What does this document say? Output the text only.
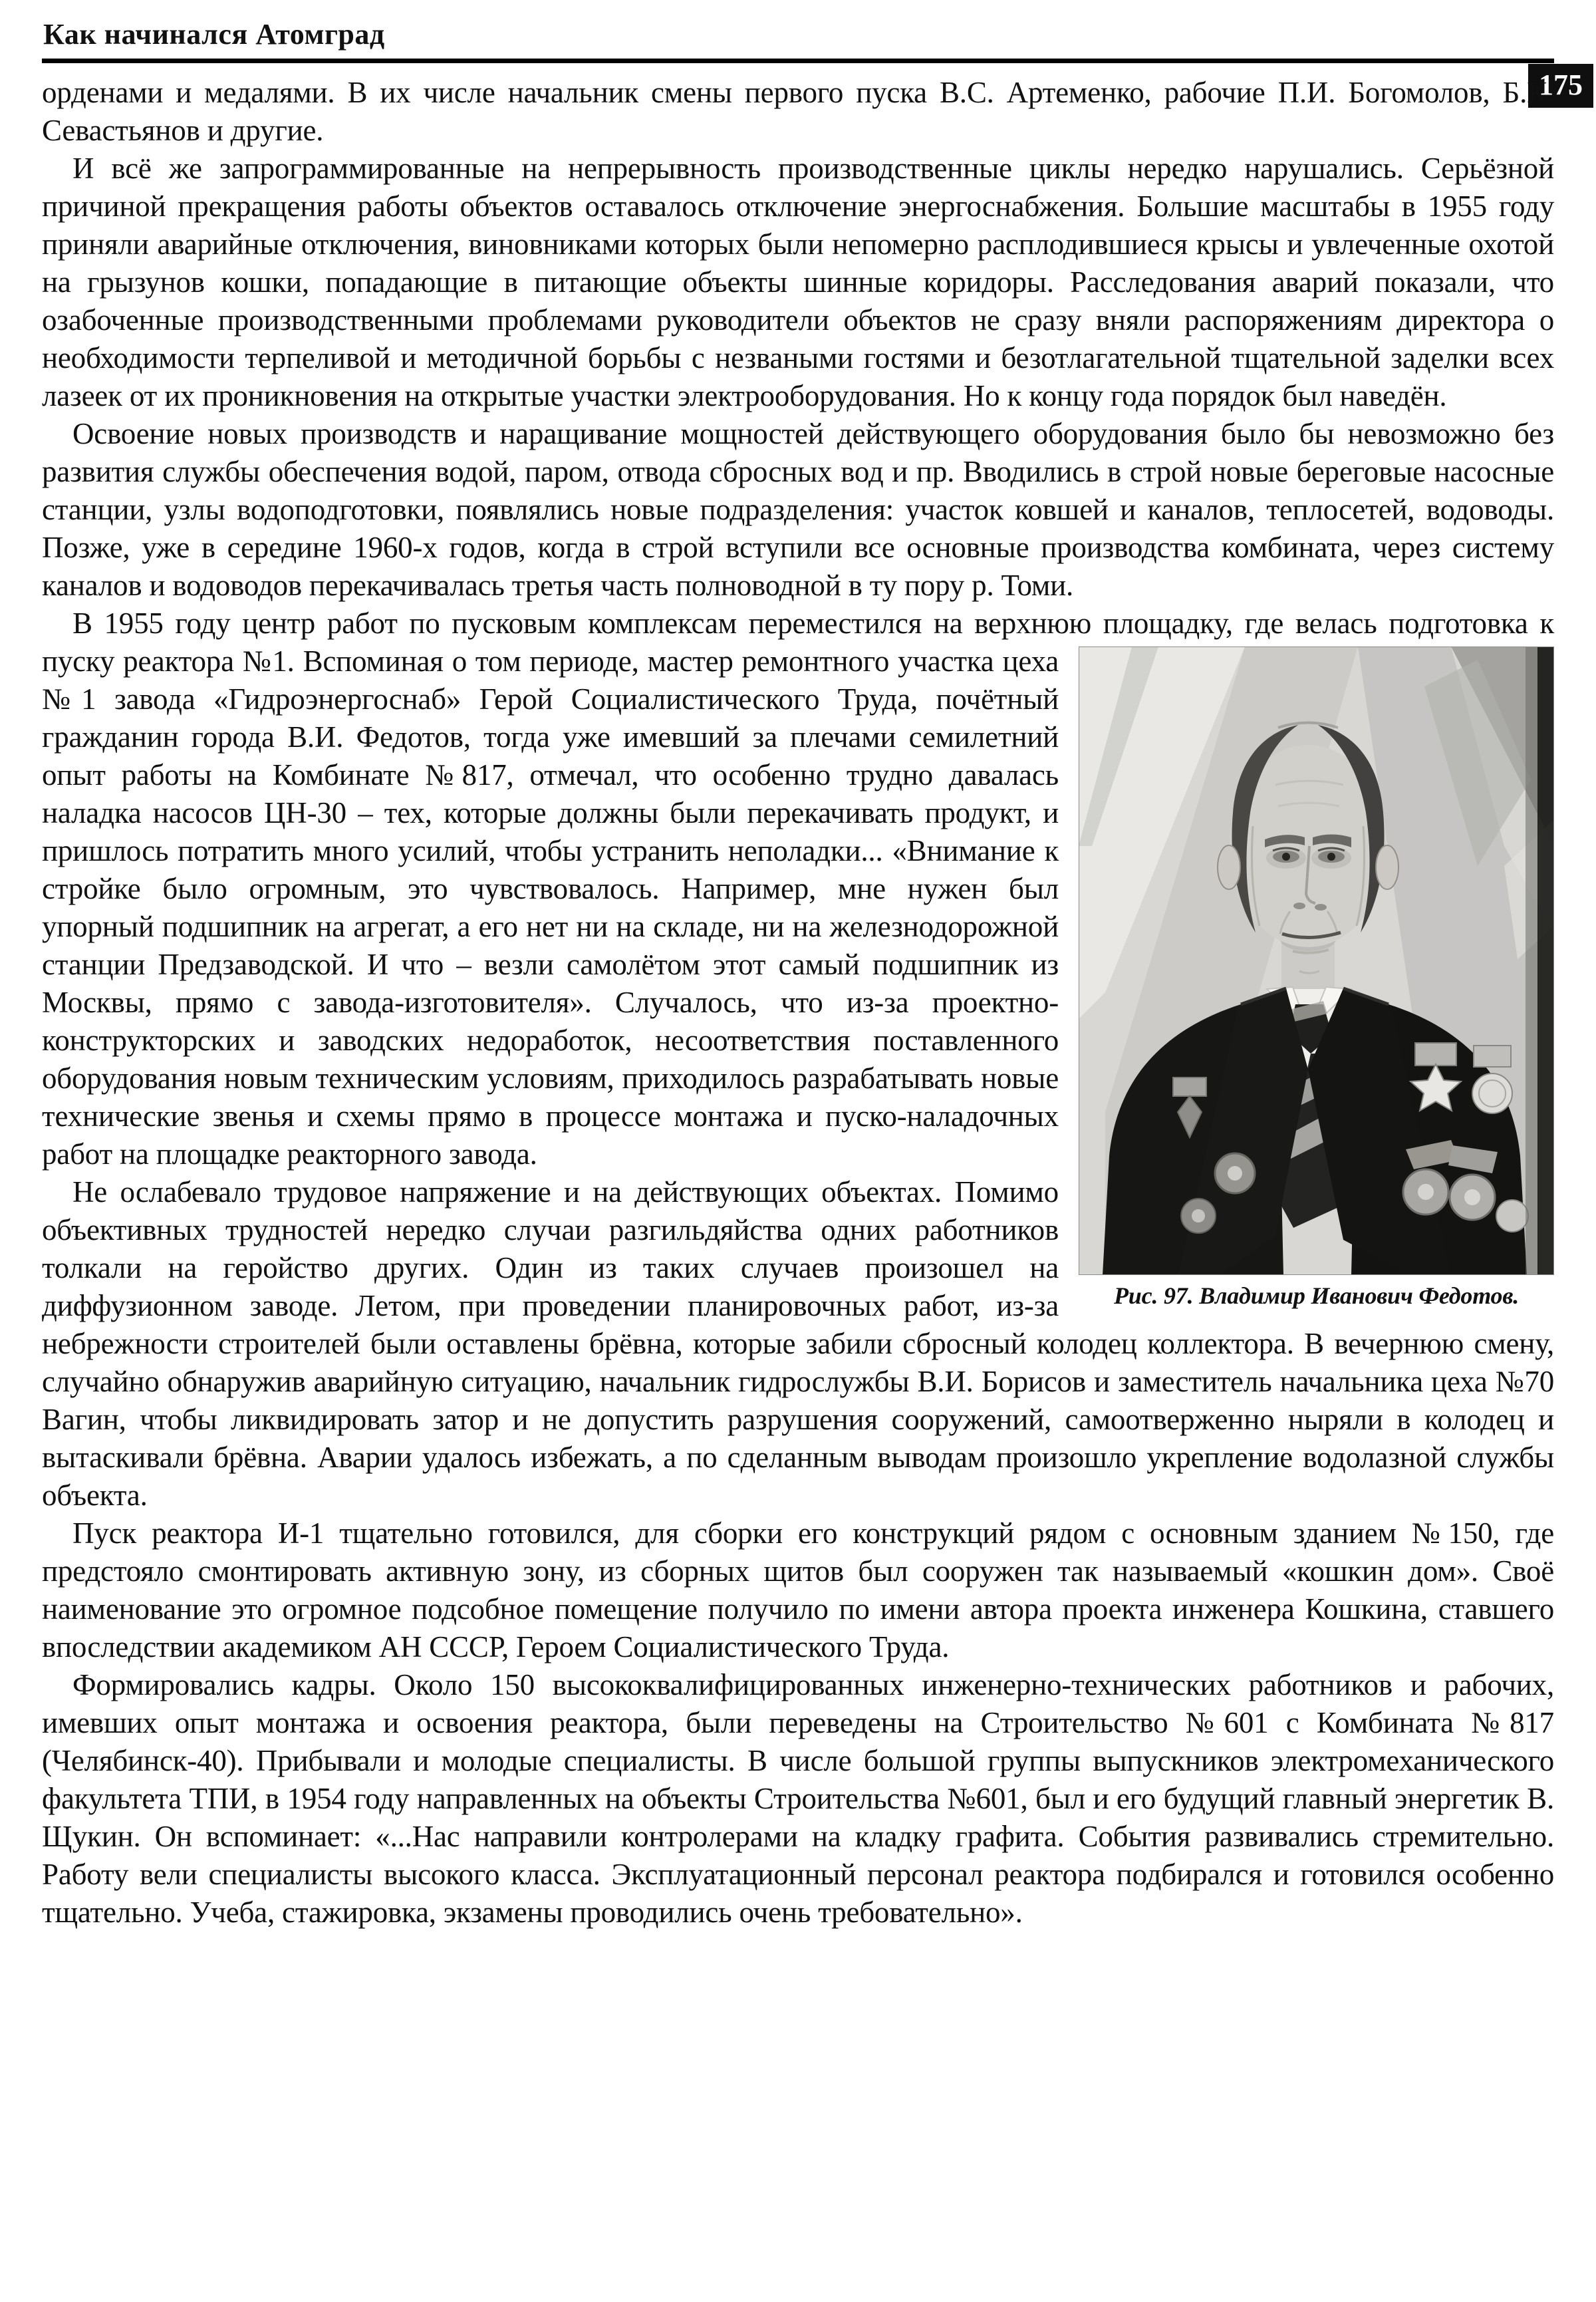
175
Как начинался Атомград

орденами и медалями. В их числе начальник смены первого пуска В.С. Артеменко, рабочие П.И. Богомолов, Б.К. Севастьянов и другие.

И всё же запрограммированные на непрерывность производственные циклы нередко нарушались. Серьёзной причиной прекращения работы объектов оставалось отключение энергоснабжения. Большие масштабы в 1955 году приняли аварийные отключения, виновниками которых были непомерно расплодившиеся крысы и увлеченные охотой на грызунов кошки, попадающие в питающие объекты шинные коридоры. Расследования аварий показали, что озабоченные производственными проблемами руководители объектов не сразу вняли распоряжениям директора о необходимости терпеливой и методичной борьбы с незваными гостями и безотлагательной тщательной заделки всех лазеек от их проникновения на открытые участки электрооборудования. Но к концу года порядок был наведён.

Освоение новых производств и наращивание мощностей действующего оборудования было бы невозможно без развития службы обеспечения водой, паром, отвода сбросных вод и пр. Вводились в строй новые береговые насосные станции, узлы водоподготовки, появлялись новые подразделения: участок ковшей и каналов, теплосетей, водоводы. Позже, уже в середине 1960-х годов, когда в строй вступили все основные производства комбината, через систему каналов и водоводов перекачивалась третья часть полноводной в ту пору р. Томи.

В 1955 году центр работ по пусковым комплексам переместился на верхнюю площадку, где велась
Рис. 97. Владимир Иванович Федотов.
подготовка к пуску реактора №1. Вспоминая о том периоде, мастер ремонтного участка цеха №1 завода «Гидроэнергоснаб» Герой Социалистического Труда, почётный гражданин города В.И. Федотов, тогда уже имевший за плечами семилетний опыт работы на Комбинате №817, отмечал, что особенно трудно давалась наладка насосов ЦН-30 – тех, которые должны были перекачивать продукт, и пришлось потратить много усилий, чтобы устранить неполадки... «Внимание к стройке было огромным, это чувствовалось. Например, мне нужен был упорный подшипник на агрегат, а его нет ни на складе, ни на железнодорожной станции Предзаводской. И что – везли самолётом этот самый подшипник из Москвы, прямо с завода-изготовителя». Случалось, что из-за проектно-конструкторских и заводских недоработок, несоответствия поставленного оборудования новым техническим условиям, приходилось разрабатывать новые технические звенья и схемы прямо в процессе монтажа и пуско-наладочных работ на площадке реакторного завода.

Не ослабевало трудовое напряжение и на действующих объектах. Помимо объективных трудностей нередко случаи разгильдяйства одних работников толкали на геройство других. Один из таких случаев произошел на диффузионном заводе. Летом, при проведении планировочных работ, из-за небрежности строителей были оставлены брёвна, которые забили сбросный колодец коллектора. В вечернюю смену, случайно обнаружив аварийную ситуацию, начальник гидрослужбы В.И. Борисов и заместитель начальника цеха №70 Вагин, чтобы ликвидировать затор и не допустить разрушения сооружений, самоотверженно ныряли в колодец и вытаскивали брёвна. Аварии удалось избежать, а по сделанным выводам произошло укрепление водолазной службы объекта.

Пуск реактора И-1 тщательно готовился, для сборки его конструкций рядом с основным зданием №150, где предстояло смонтировать активную зону, из сборных щитов был сооружен так называемый «кошкин дом». Своё наименование это огромное подсобное помещение получило по имени автора проекта инженера Кошкина, ставшего впоследствии академиком АН СССР, Героем Социалистического Труда.

Формировались кадры. Около 150 высококвалифицированных инженерно-технических работников и рабочих, имевших опыт монтажа и освоения реактора, были переведены на Строительство №601 с Комбината №817 (Челябинск-40). Прибывали и молодые специалисты. В числе большой группы выпускников электромеханического факультета ТПИ, в 1954 году направленных на объекты Строительства №601, был и его будущий главный энергетик В. Щукин. Он вспоминает: «...Нас направили контролерами на кладку графита. События развивались стремительно. Работу вели специалисты высокого класса. Эксплуатационный персонал реактора подбирался и готовился особенно тщательно. Учеба, стажировка, экзамены проводились очень требовательно».
